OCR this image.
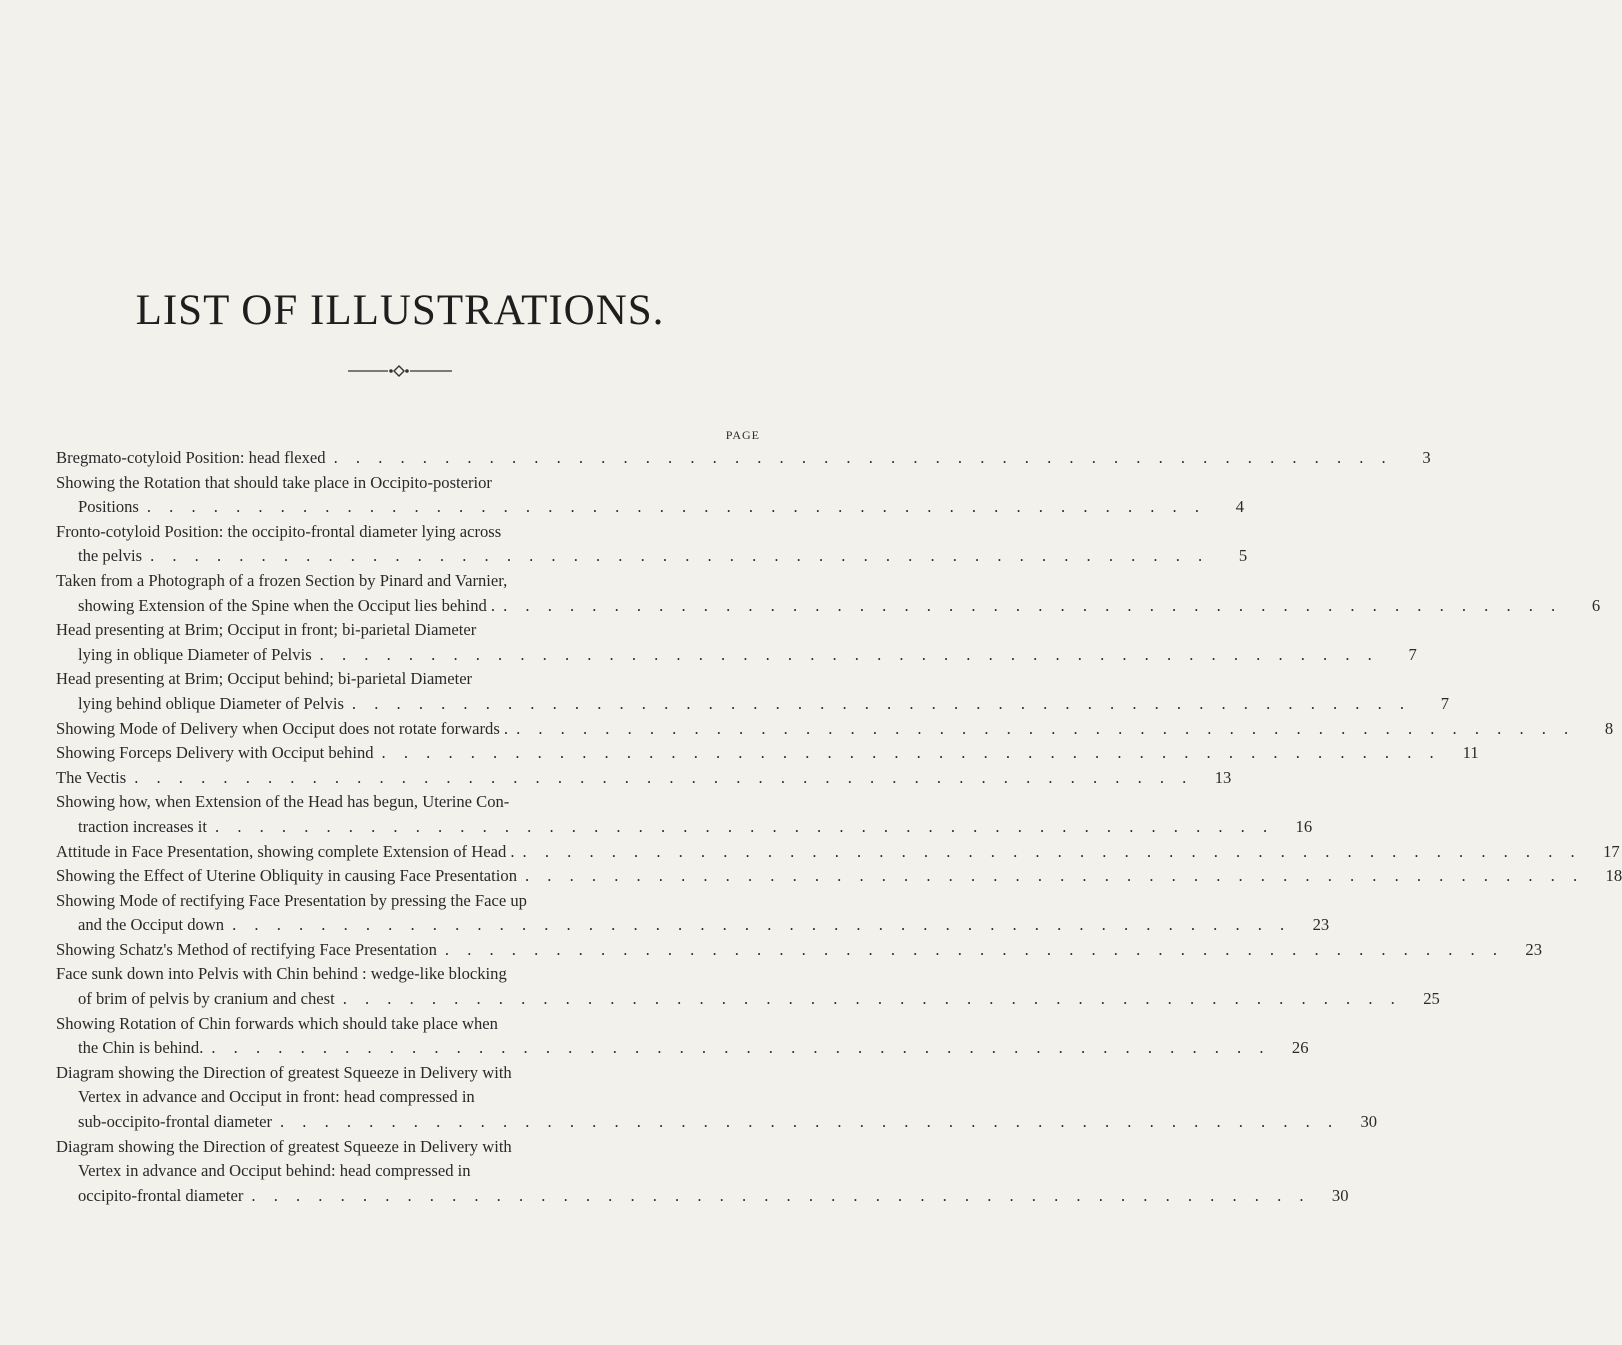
LIST OF ILLUSTRATIONS.
PAGE
Bregmato-cotyloid Position: head flexed . . . . . . . . . . . . . . . . . . . . . . . . . . . . . . . . . . . . . . . . . . . . . . . .	3
Showing the Rotation that should take place in Occipito-posterior
Positions . . . . . . . . . . . . . . . . . . . . . . . . . . . . . . . . . . . . . . . . . . . . . . . .	4
Fronto-cotyloid Position: the occipito-frontal diameter lying across
the pelvis . . . . . . . . . . . . . . . . . . . . . . . . . . . . . . . . . . . . . . . . . . . . . . . .	5
Taken from a Photograph of a frozen Section by Pinard and Varnier,
showing Extension of the Spine when the Occiput lies behind . . . . . . . . . . . . . . . . . . . . . . . . . . . . . . . . . . . . . . . . . . . . . . . . .	6
Head presenting at Brim; Occiput in front; bi-parietal Diameter
lying in oblique Diameter of Pelvis . . . . . . . . . . . . . . . . . . . . . . . . . . . . . . . . . . . . . . . . . . . . . . . .	7
Head presenting at Brim; Occiput behind; bi-parietal Diameter
lying behind oblique Diameter of Pelvis . . . . . . . . . . . . . . . . . . . . . . . . . . . . . . . . . . . . . . . . . . . . . . . .	7
Showing Mode of Delivery when Occiput does not rotate forwards . . . . . . . . . . . . . . . . . . . . . . . . . . . . . . . . . . . . . . . . . . . . . . . . .	8
Showing Forceps Delivery with Occiput behind . . . . . . . . . . . . . . . . . . . . . . . . . . . . . . . . . . . . . . . . . . . . . . . .	11
The Vectis . . . . . . . . . . . . . . . . . . . . . . . . . . . . . . . . . . . . . . . . . . . . . . . .	13
Showing how, when Extension of the Head has begun, Uterine Con-
traction increases it . . . . . . . . . . . . . . . . . . . . . . . . . . . . . . . . . . . . . . . . . . . . . . . .	16
Attitude in Face Presentation, showing complete Extension of Head . . . . . . . . . . . . . . . . . . . . . . . . . . . . . . . . . . . . . . . . . . . . . . . . .	17
Showing the Effect of Uterine Obliquity in causing Face Presentation . . . . . . . . . . . . . . . . . . . . . . . . . . . . . . . . . . . . . . . . . . . . . . . .	18
Showing Mode of rectifying Face Presentation by pressing the Face up
and the Occiput down . . . . . . . . . . . . . . . . . . . . . . . . . . . . . . . . . . . . . . . . . . . . . . . .	23
Showing Schatz's Method of rectifying Face Presentation . . . . . . . . . . . . . . . . . . . . . . . . . . . . . . . . . . . . . . . . . . . . . . . .	23
Face sunk down into Pelvis with Chin behind : wedge-like blocking
of brim of pelvis by cranium and chest . . . . . . . . . . . . . . . . . . . . . . . . . . . . . . . . . . . . . . . . . . . . . . . .	25
Showing Rotation of Chin forwards which should take place when
the Chin is behind. . . . . . . . . . . . . . . . . . . . . . . . . . . . . . . . . . . . . . . . . . . . . . . . .	26
Diagram showing the Direction of greatest Squeeze in Delivery with
Vertex in advance and Occiput in front: head compressed in
sub-occipito-frontal diameter . . . . . . . . . . . . . . . . . . . . . . . . . . . . . . . . . . . . . . . . . . . . . . . .	30
Diagram showing the Direction of greatest Squeeze in Delivery with
Vertex in advance and Occiput behind: head compressed in
occipito-frontal diameter . . . . . . . . . . . . . . . . . . . . . . . . . . . . . . . . . . . . . . . . . . . . . . . .	30
